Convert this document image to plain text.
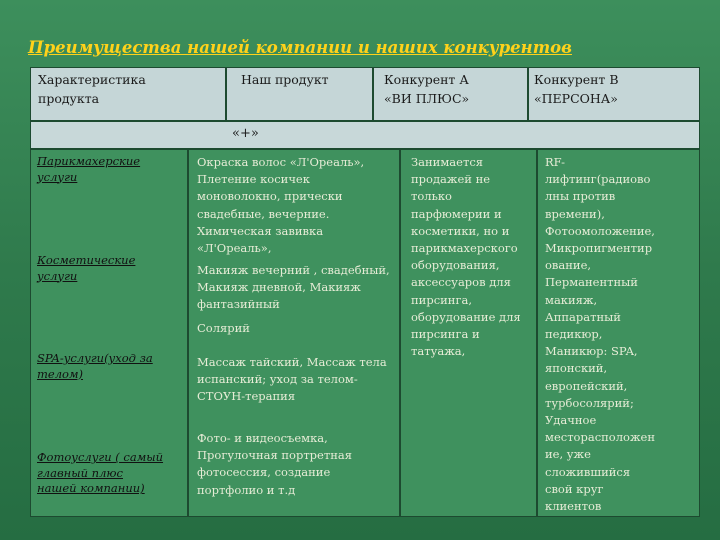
Преимущества нашей компании и наших конкурентов
Характеристика
продукта
Наш продукт	Конкурент А
«ВИ ПЛЮС»
Конкурент В
«ПЕРСОНА»
«+»
Парикмахерские
услуги
Косметические
услуги
SPA-услуги(уход за
телом)
Фотоуслуги ( самый
главный плюс
нашей компании)
Окраска волос «Л'Ореаль»,
Плетение косичек
моноволокно, прически
свадебные, вечерние.
Химическая завивка
«Л'Ореаль»,
Макияж вечерний , свадебный,
Макияж дневной, Макияж
фантазийный
Солярий
Массаж тайский, Массаж тела
испанский; уход за телом-
СТОУН-терапия
Фото- и видеосъемка,
Прогулочная портретная
фотосессия, создание
портфолио и т.д
Занимается
продажей не
только
парфюмерии и
косметики, но и
парикмахерского
оборудования,
аксессуаров для
пирсинга,
оборудование для
пирсинга и
татуажа,
RF-
лифтинг(радиово
лны против
времени),
Фотоомоложение,
Микропигментир
ование,
Перманентный
макияж,
Аппаратный
педикюр,
Маникюр: SPA,
японский,
европейский,
турбосолярий;
Удачное
месторасположен
ие, уже
сложившийся
свой круг
клиентов
